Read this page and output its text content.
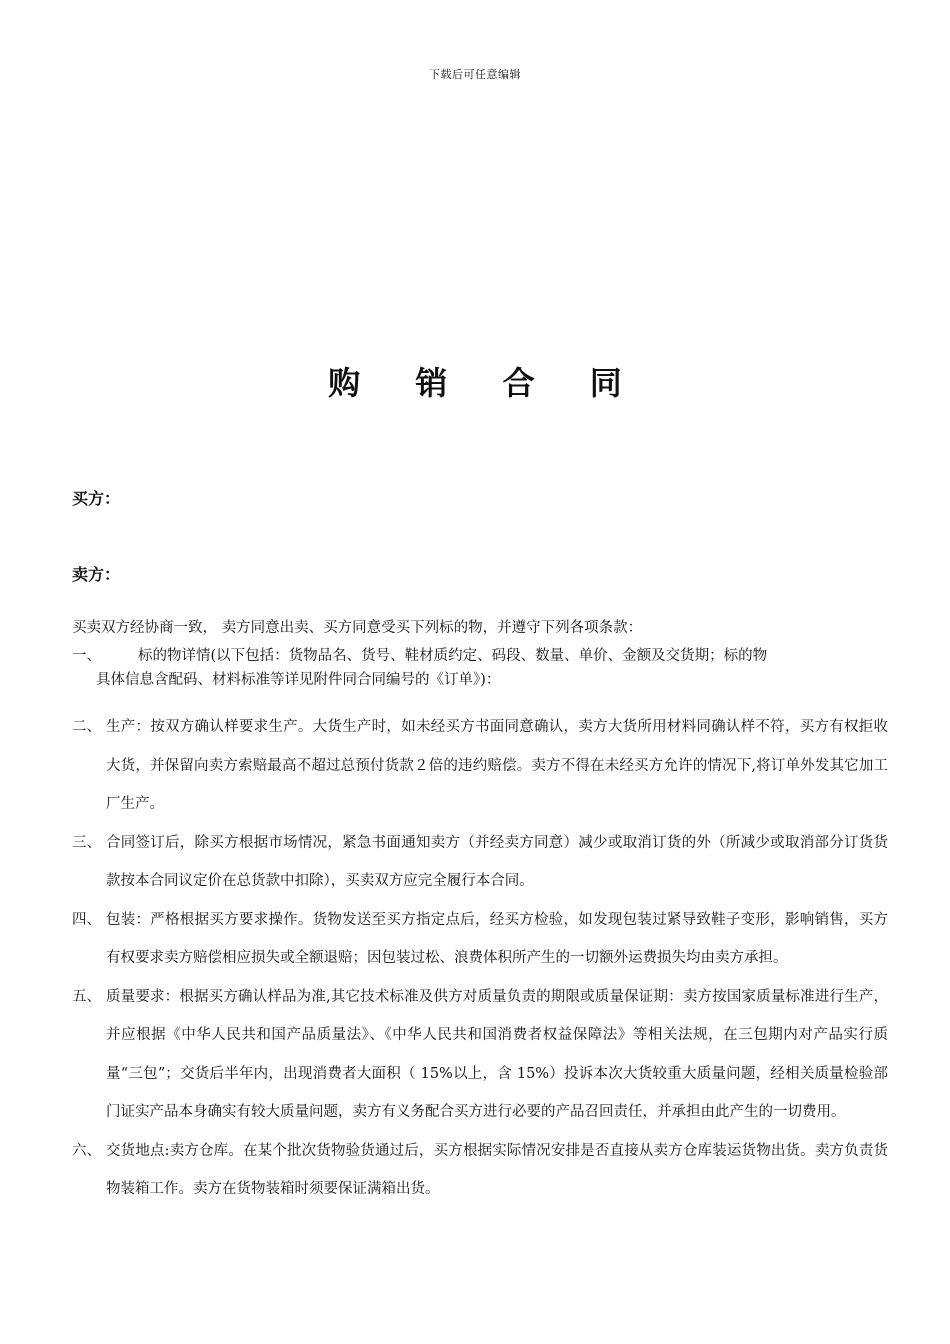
下载后可任意编辑
购 销 合 同
买方：
卖方：
买卖双方经协商一致， 卖方同意出卖、买方同意受买下列标的物，并遵守下列各项条款：
一、	标的物详情(以下包括：货物品名、货号、鞋材质约定、码段、数量、单价、金额及交货期；标的物
具体信息含配码、材料标准等详见附件同合同编号的《订单》)：
二、 生产：按双方确认样要求生产。大货生产时，如未经买方书面同意确认，卖方大货所用材料同确认样不符，买方有权拒收大货，并保留向卖方索赔最高不超过总预付货款２倍的违约赔偿。卖方不得在未经买方允许的情况下,将订单外发其它加工厂生产。
三、 合同签订后，除买方根据市场情况，紧急书面通知卖方（并经卖方同意）减少或取消订货的外（所减少或取消部分订货货款按本合同议定价在总货款中扣除），买卖双方应完全履行本合同。
四、 包装：严格根据买方要求操作。货物发送至买方指定点后，经买方检验，如发现包装过紧导致鞋子变形，影响销售，买方有权要求卖方赔偿相应损失或全额退赔；因包装过松、浪费体积所产生的一切额外运费损失均由卖方承担。
五、 质量要求：根据买方确认样品为准,其它技术标准及供方对质量负责的期限或质量保证期：卖方按国家质量标准进行生产，并应根据《中华人民共和国产品质量法》、《中华人民共和国消费者权益保障法》等相关法规，在三包期内对产品实行质量“三包”；交货后半年内，出现消费者大面积（ 15%以上，含 15%）投诉本次大货较重大质量问题，经相关质量检验部门证实产品本身确实有较大质量问题，卖方有义务配合买方进行必要的产品召回责任，并承担由此产生的一切费用。
六、 交货地点:卖方仓库。在某个批次货物验货通过后，买方根据实际情况安排是否直接从卖方仓库装运货物出货。卖方负责货物装箱工作。卖方在货物装箱时须要保证满箱出货。
